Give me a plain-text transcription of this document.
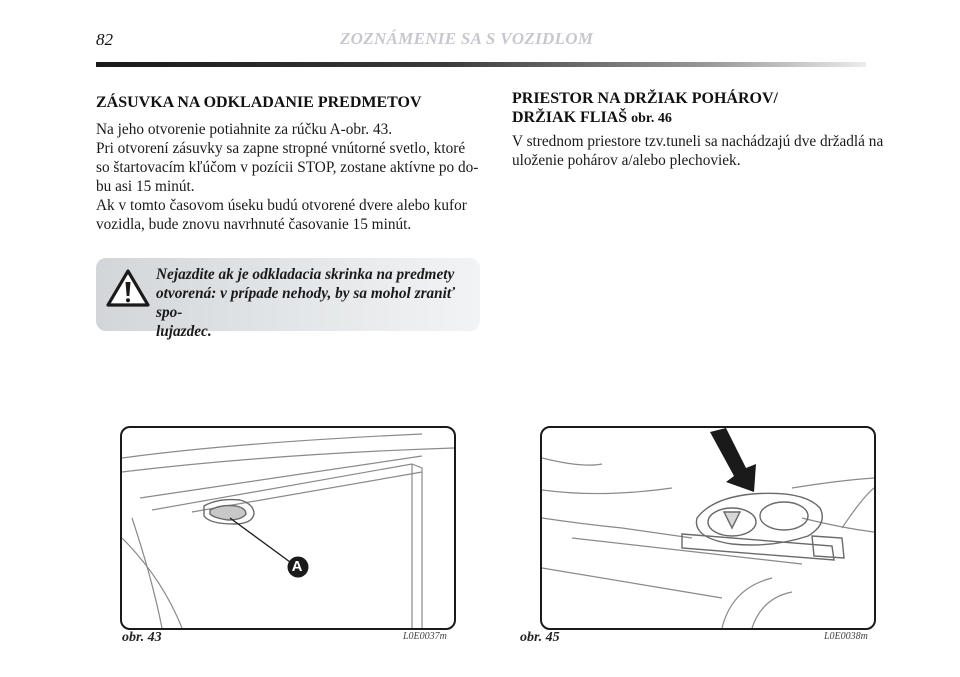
82	ZOZNÁMENIE SA S VOZIDLOM
ZÁSUVKA NA ODKLADANIE PREDMETOV
Na jeho otvorenie potiahnite za rúčku A-obr. 43.
Pri otvorení zásuvky sa zapne stropné vnútorné svetlo, ktoré
so štartovacím kľúčom v pozícii STOP, zostane aktívne po do-
bu asi 15 minút.
Ak v tomto časovom úseku budú otvorené dvere alebo kufor
vozidla, bude znovu navrhnuté časovanie 15 minút.
Nejazdite ak je odkladacia skrinka na predmety
otvorená: v prípade nehody, by sa mohol zraniť spo-
lujazdec.
PRIESTOR NA DRŽIAK POHÁROV/
DRŽIAK FLIAŠ obr. 46
V strednom priestore tzv.tuneli sa nachádzajú dve držadlá na
uloženie pohárov a/alebo plechoviek.
A
obr. 43	L0E0037m	obr. 45	L0E0038m
